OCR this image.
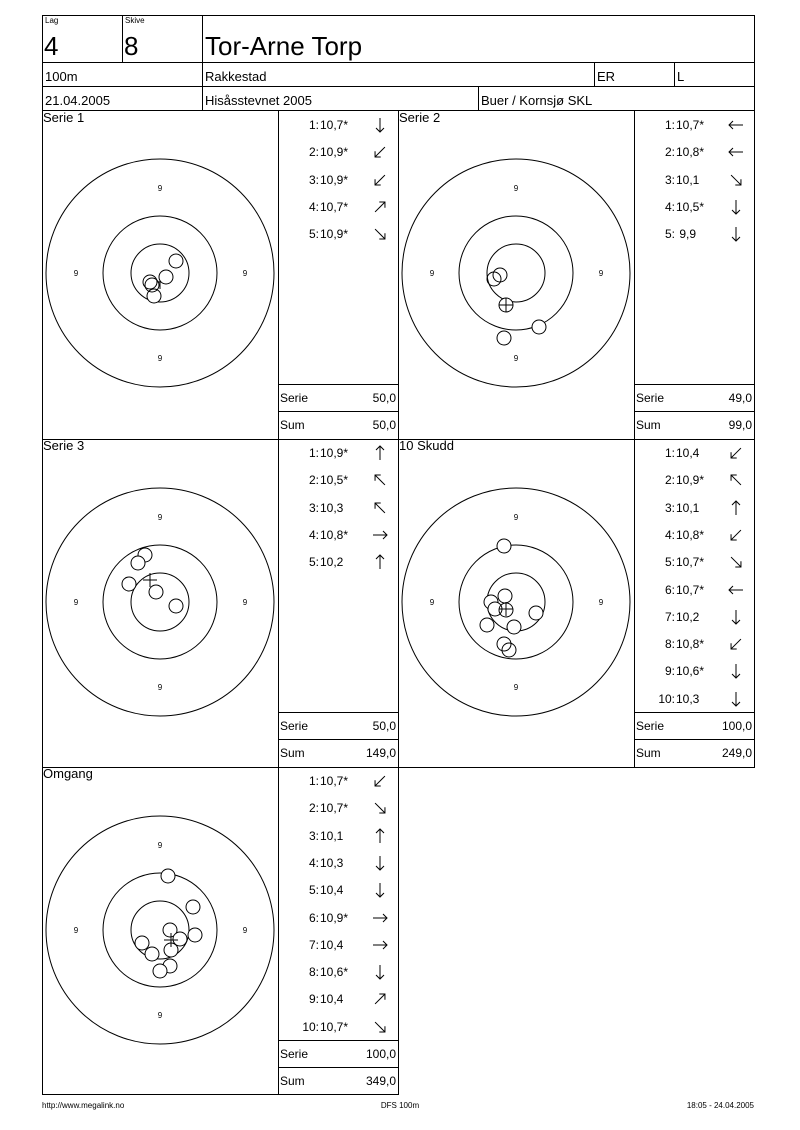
Lag
4
Skive
8	Tor-Arne Torp
100m	Rakkestad	ER	L
21.04.2005	Hisåsstevnet 2005	Buer / Kornsjø SKL
Serie 1	Serie 2
Serie 3	10 Skudd
Omgang
9
9
9	9
9
9
9	9
9
9
9	9
9
9
9	9
9
9
9	9
1: 10,7*
2: 10,9*
3: 10,9*
4: 10,7*
5: 10,9*
1: 10,7*
2: 10,8*
3: 10,1
4: 10,5*
5: 9,9
1: 10,9*
2: 10,5*
3: 10,3
4: 10,8*
5: 10,2
1: 10,4
2: 10,9*
3: 10,1
4: 10,8*
5: 10,7*
6: 10,7*
7: 10,2
8: 10,8*
9: 10,6*
10: 10,3
1: 10,7*
2: 10,7*
3: 10,1
4: 10,3
5: 10,4
6: 10,9*
7: 10,4
8: 10,6*
9: 10,4
10: 10,7*
Serie	50,0
Sum	50,0
Serie	49,0
Sum	99,0
Serie	50,0
Sum	149,0
Serie	100,0
Sum	249,0
Serie	100,0
Sum	349,0
http://www.megalink.no	DFS 100m	18:05 - 24.04.2005
